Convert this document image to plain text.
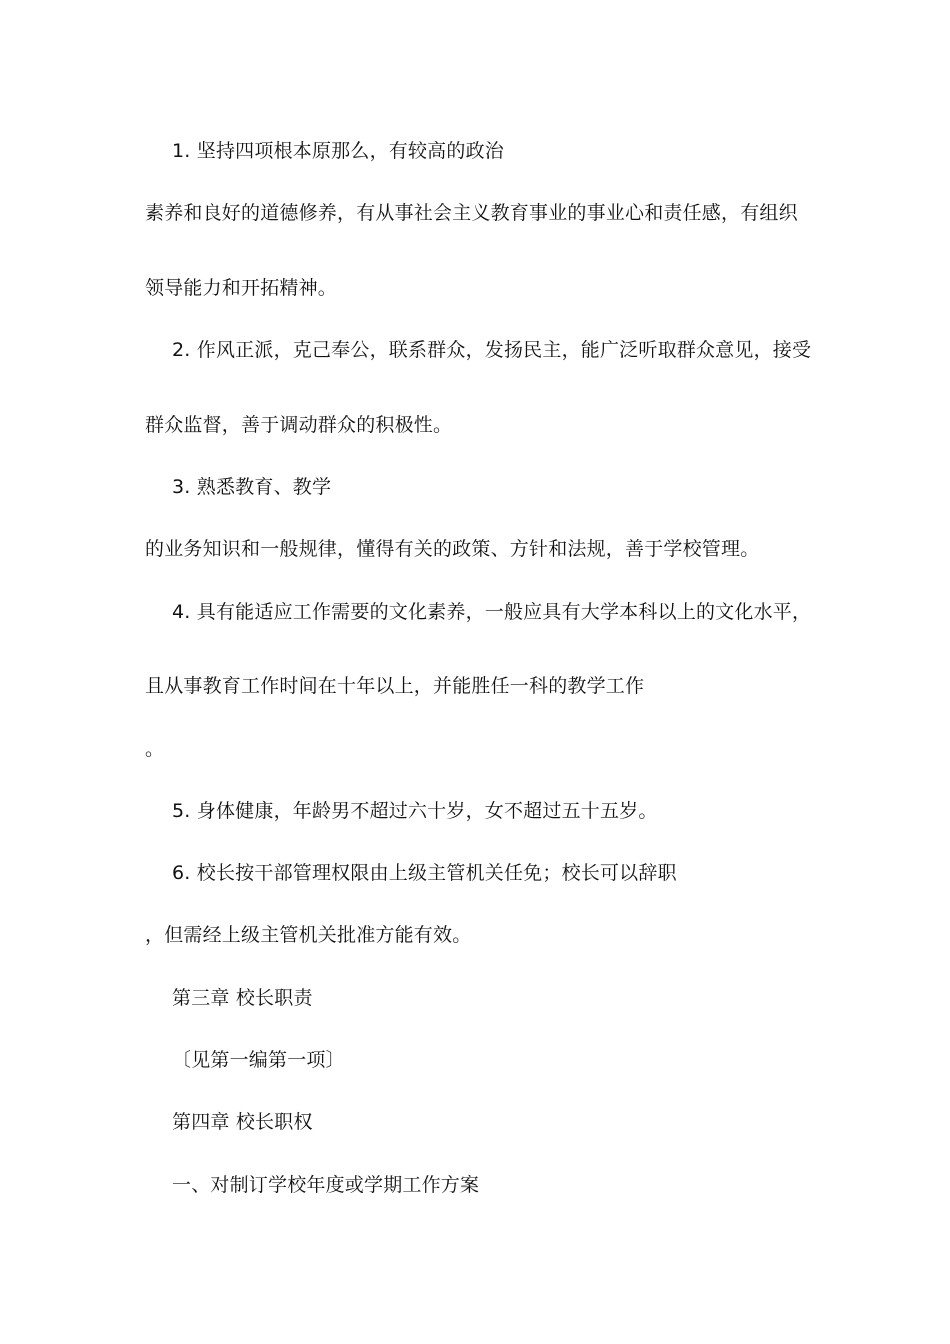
1. 坚持四项根本原那么，有较高的政治
素养和良好的道德修养，有从事社会主义教育事业的事业心和责任感，有组织
领导能力和开拓精神。
2. 作风正派，克己奉公，联系群众，发扬民主，能广泛听取群众意见，接受
群众监督，善于调动群众的积极性。
3. 熟悉教育、教学
的业务知识和一般规律，懂得有关的政策、方针和法规，善于学校管理。
4. 具有能适应工作需要的文化素养，一般应具有大学本科以上的文化水平，
且从事教育工作时间在十年以上，并能胜任一科的教学工作
。
5. 身体健康，年龄男不超过六十岁，女不超过五十五岁。
6. 校长按干部管理权限由上级主管机关任免；校长可以辞职
，但需经上级主管机关批准方能有效。
第三章 校长职责
〔见第一编第一项〕
第四章 校长职权
一、对制订学校年度或学期工作方案
